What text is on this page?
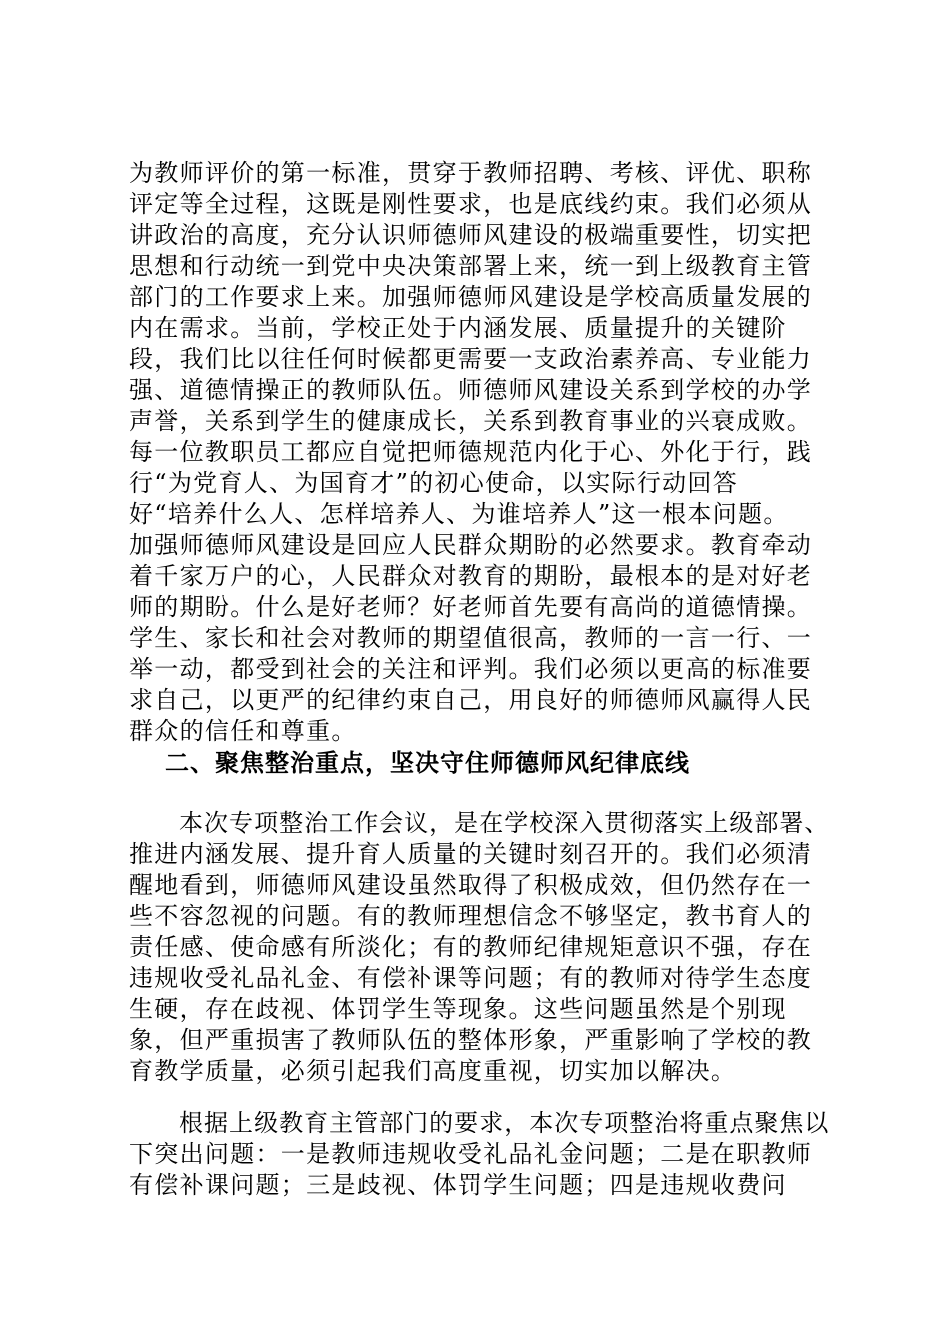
为教师评价的第一标准，贯穿于教师招聘、考核、评优、职称
评定等全过程，这既是刚性要求，也是底线约束。我们必须从
讲政治的高度，充分认识师德师风建设的极端重要性，切实把
思想和行动统一到党中央决策部署上来，统一到上级教育主管
部门的工作要求上来。加强师德师风建设是学校高质量发展的
内在需求。当前，学校正处于内涵发展、质量提升的关键阶
段，我们比以往任何时候都更需要一支政治素养高、专业能力
强、道德情操正的教师队伍。师德师风建设关系到学校的办学
声誉，关系到学生的健康成长，关系到教育事业的兴衰成败。
每一位教职员工都应自觉把师德规范内化于心、外化于行，践
行“为党育人、为国育才”的初心使命，以实际行动回答
好“培养什么人、怎样培养人、为谁培养人”这一根本问题。
加强师德师风建设是回应人民群众期盼的必然要求。教育牵动
着千家万户的心，人民群众对教育的期盼，最根本的是对好老
师的期盼。什么是好老师？好老师首先要有高尚的道德情操。
学生、家长和社会对教师的期望值很高，教师的一言一行、一
举一动，都受到社会的关注和评判。我们必须以更高的标准要
求自己，以更严的纪律约束自己，用良好的师德师风赢得人民
群众的信任和尊重。
二、聚焦整治重点，坚决守住师德师风纪律底线
　　本次专项整治工作会议，是在学校深入贯彻落实上级部署、
推进内涵发展、提升育人质量的关键时刻召开的。我们必须清
醒地看到，师德师风建设虽然取得了积极成效，但仍然存在一
些不容忽视的问题。有的教师理想信念不够坚定，教书育人的
责任感、使命感有所淡化；有的教师纪律规矩意识不强，存在
违规收受礼品礼金、有偿补课等问题；有的教师对待学生态度
生硬，存在歧视、体罚学生等现象。这些问题虽然是个别现
象，但严重损害了教师队伍的整体形象，严重影响了学校的教
育教学质量，必须引起我们高度重视，切实加以解决。
　　根据上级教育主管部门的要求，本次专项整治将重点聚焦以
下突出问题：一是教师违规收受礼品礼金问题；二是在职教师
有偿补课问题；三是歧视、体罚学生问题；四是违规收费问
